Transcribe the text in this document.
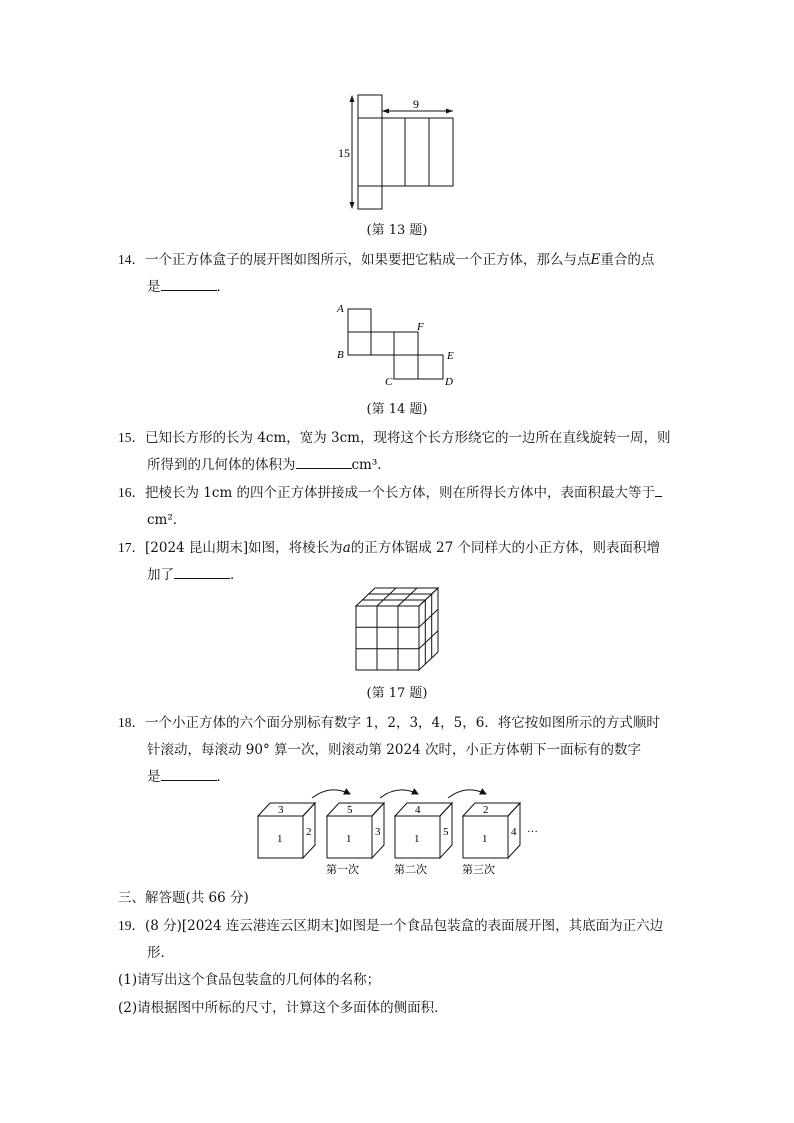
15
9
(第 13 题)
14．一个正方体盒子的展开图如图所示，如果要把它粘成一个正方体，那么与点E重合的点
是	．
A
B
F
E
C	D
(第 14 题)
15．已知长方形的长为 4cm，宽为 3cm，现将这个长方形绕它的一边所在直线旋转一周，则
所得到的几何体的体积为	cm³．
16．把棱长为 1cm 的四个正方体拼接成一个长方体，则在所得长方体中，表面积最大等于
cm²．
17．[2024 昆山期末]如图，将棱长为a的正方体锯成 27 个同样大的小正方体，则表面积增
加了	．
(第 17 题)
18．一个小正方体的六个面分别标有数字 1，2，3，4，5，6．将它按如图所示的方式顺时
针滚动，每滚动 90° 算一次，则滚动第 2024 次时，小正方体朝下一面标有的数字
是	．
3
1
2
5
1
3
第一次
4
1
5
第二次
2
1
4
第三次
…
三、解答题(共 66 分)
19．(8 分)[2024 连云港连云区期末]如图是一个食品包装盒的表面展开图，其底面为正六边
形．
(1)请写出这个食品包装盒的几何体的名称；
(2)请根据图中所标的尺寸，计算这个多面体的侧面积．
